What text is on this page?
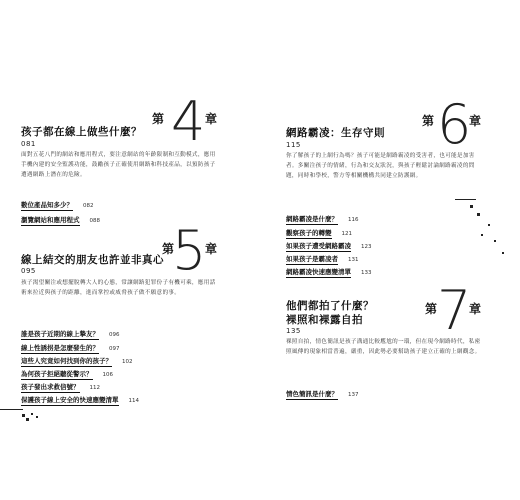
第 4 章
孩子都在線上做些什麼？
081
面對五花八門的網站和應用程式，要注意網站的年齡限制和互動模式，應用手機內建的安全監護功能，鼓勵孩子正確使用網路和科技產品，以預防孩子遭遇網路上潛在的危險。
數位產品知多少？ 082
瀏覽網站和應用程式 088
第
5
章
線上結交的朋友也許並非真心
095
孩子渴望關注或想擺脫轉大人的心態，常讓網路犯罪份子有機可乘，應用話術來拉近與孩子的距離，進而掌控或威脅孩子做不願意的事。
誰是孩子近期的線上摯友？ 096
線上性誘拐是怎麼發生的？ 097
這些人究竟如何找到你的孩子？ 102
為何孩子拒絕聽從警示？ 106
孩子發出求救信號？ 112
保護孩子線上安全的快速應變清單 114
第 6
章
網路霸凌：生存守則
115
你了解孩子的上網行為嗎？孩子可能是網路霸凌的受害者，也可能是加害者。多關注孩子的情緒，行為和交友狀況，與孩子輕鬆討論網路霸凌的問題，同時和學校，警方等相關機構共同建立防護網。
網路霸凌是什麼？ 116
觀察孩子的轉變 121
如果孩子遭受網路霸凌 123
如果孩子是霸凌者 131
網路霸凌快速應變清單 133
第 7
章
他們都拍了什麼？
裸照和裸露自拍
135
裸照自拍，情色簡訊是孩子溝通比較尷尬的一環，但在現今網路時代，私密照風傳的現象相當普遍，嚴重，因此勢必要幫助孩子建立正確的上網觀念。
情色簡訊是什麼？ 137
